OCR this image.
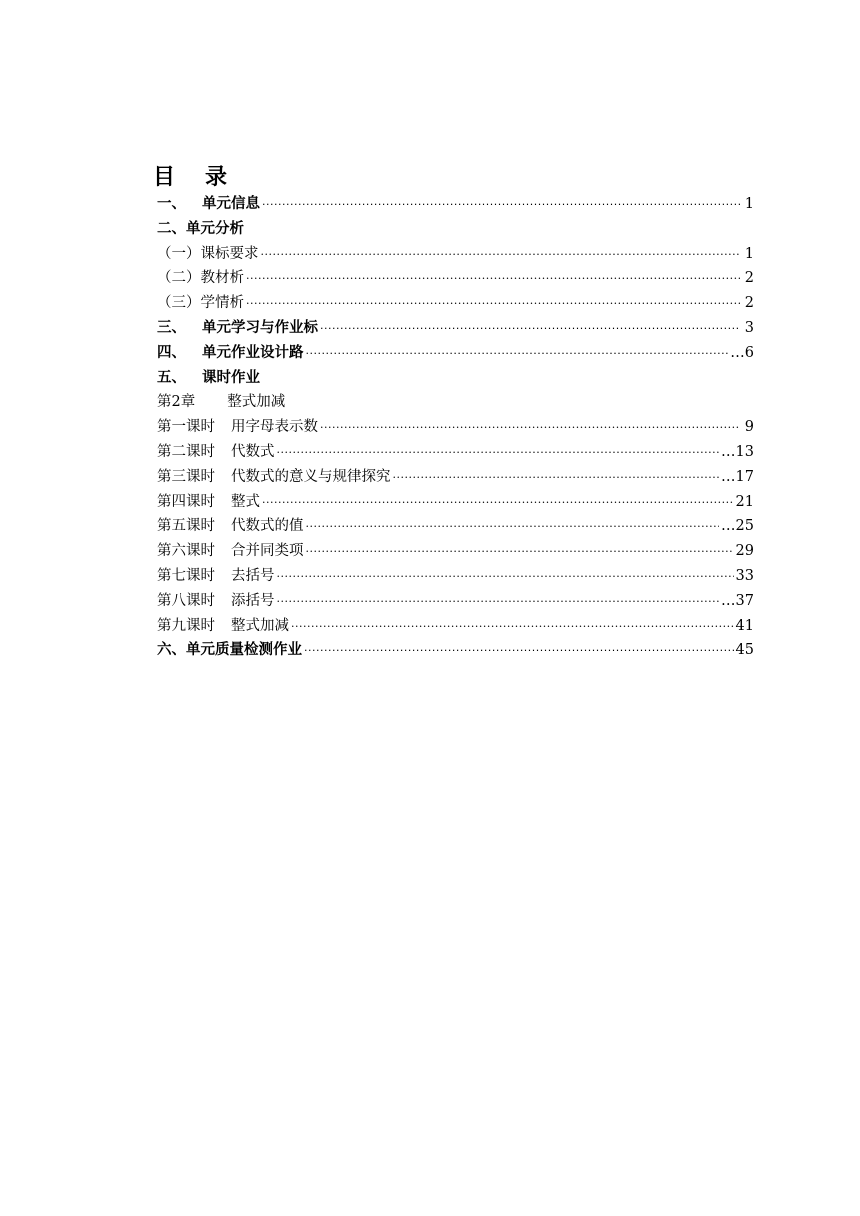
目 录
一、 单元信息 ·····	1
二、单元分析
（一）课标要求 ·····	1
（二）教材析 ·····	2
（三）学情析 ·····	2
三、 单元学习与作业标 ·····	3
四、 单元作业设计路 ·····	…6
五、 课时作业
第2章 整式加减
第一课时 用字母表示数 ·····	9
第二课时 代数式 ·····	…13
第三课时 代数式的意义与规律探究 ·····	…17
第四课时 整式 ·····	21
第五课时 代数式的值 ·····	…25
第六课时 合并同类项 ·····	29
第七课时 去括号 ·····	33
第八课时 添括号 ·····	…37
第九课时 整式加减 ·····	41
六、单元质量检测作业 ·····	45
